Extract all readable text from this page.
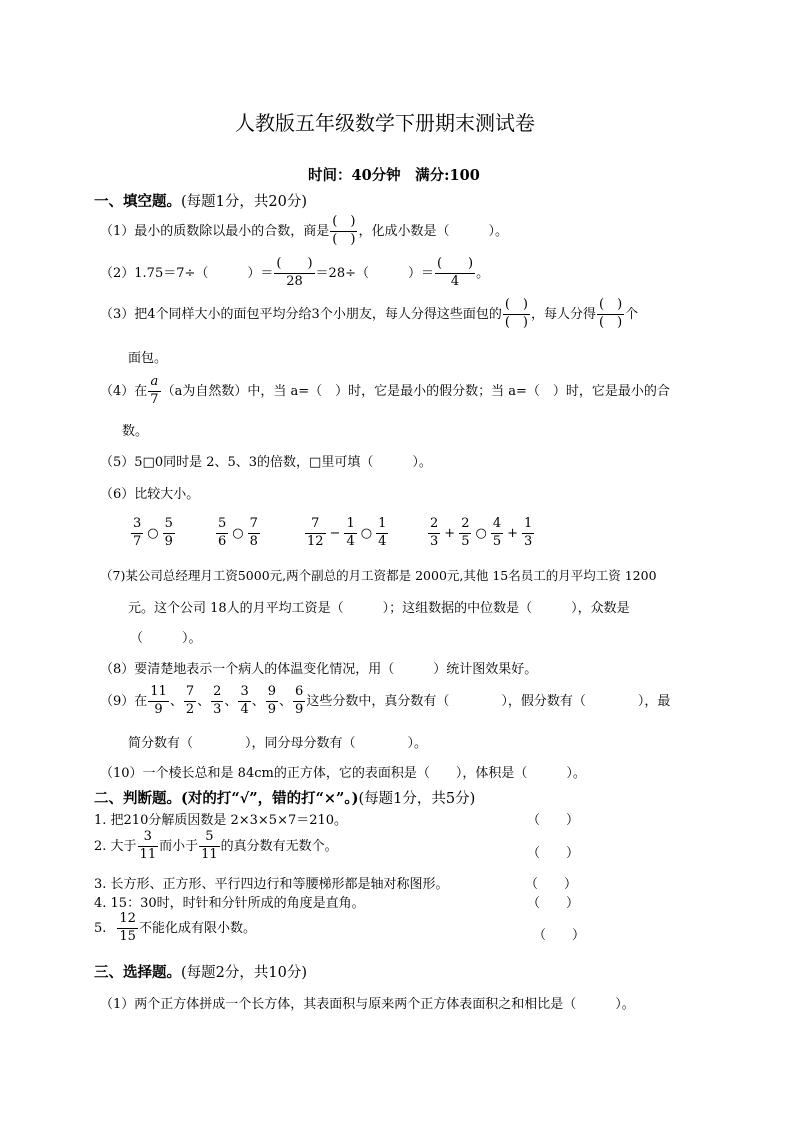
人教版五年级数学下册期末测试卷
时间：40分钟　满分:100
一、填空题。(每题1分，共20分)
（1）最小的质数除以最小的合数，商是 $\frac{( )}{( )}$ ，化成小数是（　　　）。
（2）1.75＝7÷（　　　）＝ $\frac{( )}{28} =28\div$（　　　）＝ $\frac{( )}{4}$ 。
（3）把4个同样大小的面包平均分给3个小朋友，每人分得这些面包的 $\frac{( )}{( )}$ ，每人分得 $\frac{( )}{( )}$ 个
面包。
（4）在 $\frac{a}{7} (a$为自然数）中，当 a=（　）时，它是最小的假分数；当 a=（　）时，它是最小的合
数。
（5）5□0同时是 2、5、3的倍数，□里可填（　　　）。
（6）比较大小。
$\frac{3}{7}$ ○ $\frac{5}{9}$	$\frac{5}{6}$ ○ $\frac{7}{8}$	$\frac{7}{12} - \frac{1}{4}$ ○ $\frac{1}{4}$	$\frac{2}{3} + \frac{2}{5}$ ○ $\frac{4}{5} + \frac{1}{3}$
（7)某公司总经理月工资5000元,两个副总的月工资都是 2000元,其他 15名员工的月平均工资 1200
元。这个公司 18人的月平均工资是（　　　）；这组数据的中位数是（　　　），众数是
（　　　）。
（8）要清楚地表示一个病人的体温变化情况，用（　　　）统计图效果好。
（9）在 $\frac{11}{9}$ 、 $\frac{7}{2}$ 、 $\frac{2}{3}$ 、 $\frac{3}{4}$ 、 $\frac{9}{9}$ 、 $\frac{6}{9}$ 这些分数中，真分数有（　　　　），假分数有（　　　　），最
简分数有（　　　　），同分母分数有（　　　　）。
（10）一个棱长总和是 84cm的正方体，它的表面积是（　　），体积是（　　　）。
二、判断题。(对的打“√”，错的打“×”。)(每题1分，共5分)
1. 把210分解质因数是 2×3×5×7＝210。	（　　）
2. 大于 $\frac{3}{11}$ 而小于 $\frac{5}{11}$ 的真分数有无数个。	（　　）
3. 长方形、正方形、平行四边行和等腰梯形都是轴对称图形。	（　　）
4. 15：30时，时针和分针所成的角度是直角。	（　　）
5. $\frac{12}{15}$ 不能化成有限小数。	（　　）
三、选择题。(每题2分，共10分)
（1）两个正方体拼成一个长方体，其表面积与原来两个正方体表面积之和相比是（　　　）。
